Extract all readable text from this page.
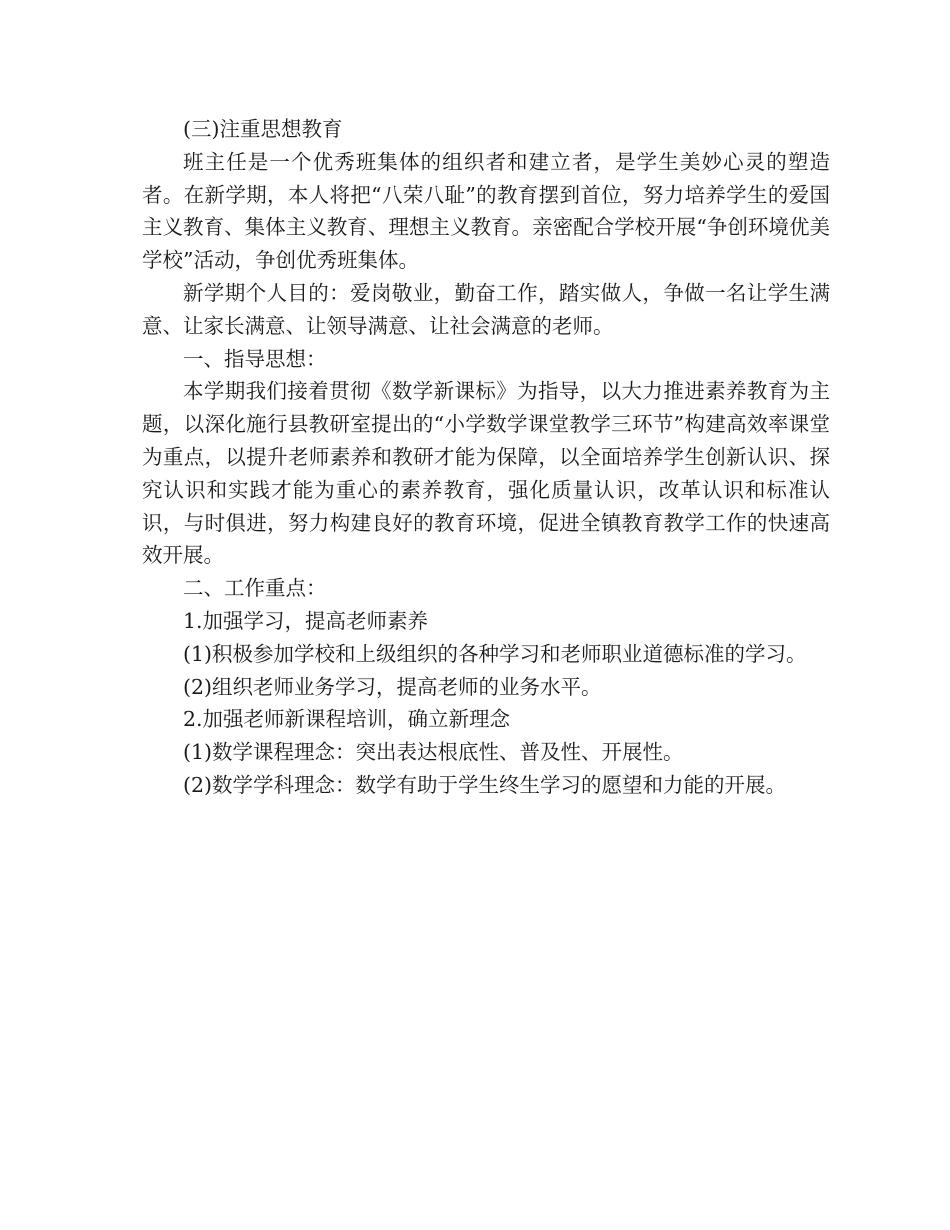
(三)注重思想教育

班主任是一个优秀班集体的组织者和建立者，是学生美妙心灵的塑造者。在新学期，本人将把“八荣八耻”的教育摆到首位，努力培养学生的爱国主义教育、集体主义教育、理想主义教育。亲密配合学校开展“争创环境优美学校”活动，争创优秀班集体。

新学期个人目的：爱岗敬业，勤奋工作，踏实做人，争做一名让学生满意、让家长满意、让领导满意、让社会满意的老师。

一、指导思想：

本学期我们接着贯彻《数学新课标》为指导，以大力推进素养教育为主题，以深化施行县教研室提出的“小学数学课堂教学三环节”构建高效率课堂为重点，以提升老师素养和教研才能为保障，以全面培养学生创新认识、探究认识和实践才能为重心的素养教育，强化质量认识，改革认识和标准认识，与时俱进，努力构建良好的教育环境，促进全镇教育教学工作的快速高效开展。

二、工作重点：

1.加强学习，提高老师素养

(1)积极参加学校和上级组织的各种学习和老师职业道德标准的学习。

(2)组织老师业务学习，提高老师的业务水平。

2.加强老师新课程培训，确立新理念

(1)数学课程理念：突出表达根底性、普及性、开展性。

(2)数学学科理念：数学有助于学生终生学习的愿望和力能的开展。
